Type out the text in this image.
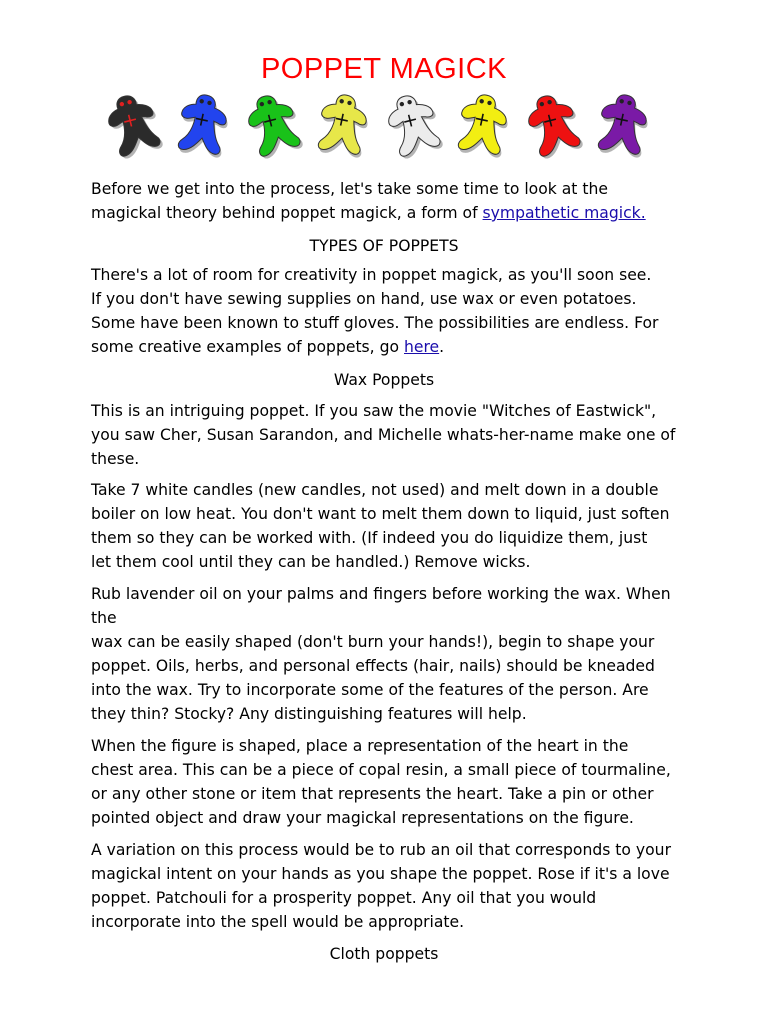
POPPET MAGICK
Before we get into the process, let's take some time to look at the
magickal theory behind poppet magick, a form of sympathetic magick.
TYPES OF POPPETS
There's a lot of room for creativity in poppet magick, as you'll soon see.
If you don't have sewing supplies on hand, use wax or even potatoes.
Some have been known to stuff gloves. The possibilities are endless. For
some creative examples of poppets, go here.
Wax Poppets
This is an intriguing poppet. If you saw the movie "Witches of Eastwick",
you saw Cher, Susan Sarandon, and Michelle whats-her-name make one of
these.
Take 7 white candles (new candles, not used) and melt down in a double
boiler on low heat. You don't want to melt them down to liquid, just soften
them so they can be worked with. (If indeed you do liquidize them, just
let them cool until they can be handled.) Remove wicks.
Rub lavender oil on your palms and fingers before working the wax. When
the
wax can be easily shaped (don't burn your hands!), begin to shape your
poppet. Oils, herbs, and personal effects (hair, nails) should be kneaded
into the wax. Try to incorporate some of the features of the person. Are
they thin? Stocky? Any distinguishing features will help.
When the figure is shaped, place a representation of the heart in the
chest area. This can be a piece of copal resin, a small piece of tourmaline,
or any other stone or item that represents the heart. Take a pin or other
pointed object and draw your magickal representations on the figure.
A variation on this process would be to rub an oil that corresponds to your
magickal intent on your hands as you shape the poppet. Rose if it's a love
poppet. Patchouli for a prosperity poppet. Any oil that you would
incorporate into the spell would be appropriate.
Cloth poppets
